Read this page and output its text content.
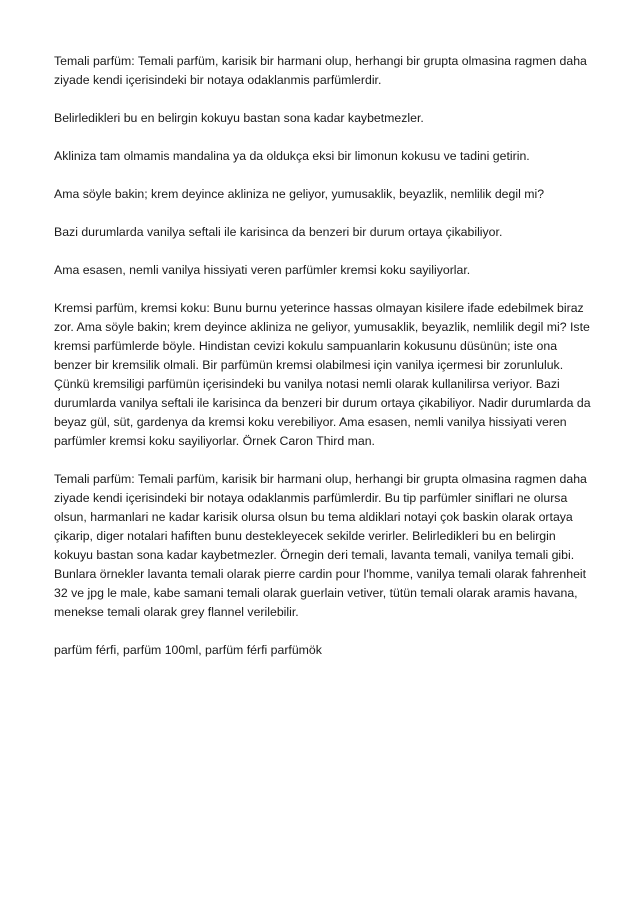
Temali parfüm: Temali parfüm, karisik bir harmani olup, herhangi bir grupta olmasina ragmen daha ziyade kendi içerisindeki bir notaya odaklanmis parfümlerdir.

Belirledikleri bu en belirgin kokuyu bastan sona kadar kaybetmezler.

Akliniza tam olmamis mandalina ya da oldukça eksi bir limonun kokusu ve tadini getirin.

Ama söyle bakin; krem deyince akliniza ne geliyor, yumusaklik, beyazlik, nemlilik degil mi?

Bazi durumlarda vanilya seftali ile karisinca da benzeri bir durum ortaya çikabiliyor.

Ama esasen, nemli vanilya hissiyati veren parfümler kremsi koku sayiliyorlar.

Kremsi parfüm, kremsi koku: Bunu burnu yeterince hassas olmayan kisilere ifade edebilmek biraz zor. Ama söyle bakin; krem deyince akliniza ne geliyor, yumusaklik, beyazlik, nemlilik degil mi? Iste kremsi parfümlerde böyle. Hindistan cevizi kokulu sampuanlarin kokusunu düsünün; iste ona benzer bir kremsilik olmali. Bir parfümün kremsi olabilmesi için vanilya içermesi bir zorunluluk. Çünkü kremsiligi parfümün içerisindeki bu vanilya notasi nemli olarak kullanilirsa veriyor. Bazi durumlarda vanilya seftali ile karisinca da benzeri bir durum ortaya çikabiliyor. Nadir durumlarda da beyaz gül, süt, gardenya da kremsi koku verebiliyor. Ama esasen, nemli vanilya hissiyati veren parfümler kremsi koku sayiliyorlar. Örnek Caron Third man.

Temali parfüm: Temali parfüm, karisik bir harmani olup, herhangi bir grupta olmasina ragmen daha ziyade kendi içerisindeki bir notaya odaklanmis parfümlerdir. Bu tip parfümler siniflari ne olursa olsun, harmanlari ne kadar karisik olursa olsun bu tema aldiklari notayi çok baskin olarak ortaya çikarip, diger notalari hafiften bunu destekleyecek sekilde verirler. Belirledikleri bu en belirgin kokuyu bastan sona kadar kaybetmezler. Örnegin deri temali, lavanta temali, vanilya temali gibi. Bunlara örnekler lavanta temali olarak pierre cardin pour l'homme, vanilya temali olarak fahrenheit 32 ve jpg le male, kabe samani temali olarak guerlain vetiver, tütün temali olarak aramis havana, menekse temali olarak grey flannel verilebilir.

parfüm férfi, parfüm 100ml, parfüm férfi parfümök
